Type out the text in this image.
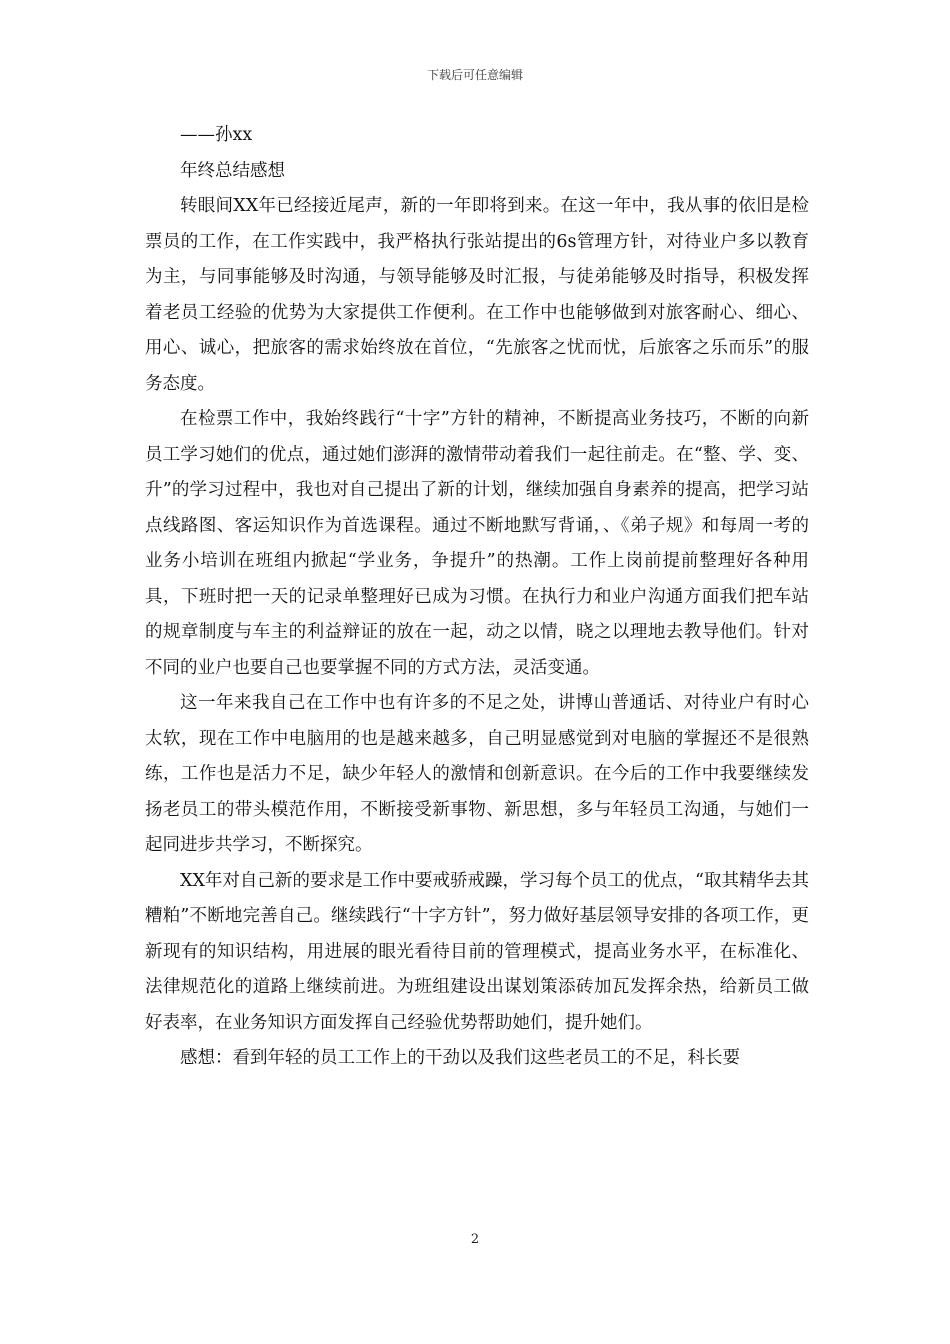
下载后可任意编辑

——孙xx

年终总结感想

转眼间XX年已经接近尾声，新的一年即将到来。在这一年中，我从事的依旧是检票员的工作，在工作实践中，我严格执行张站提出的6s管理方针，对待业户多以教育为主，与同事能够及时沟通，与领导能够及时汇报，与徒弟能够及时指导，积极发挥着老员工经验的优势为大家提供工作便利。在工作中也能够做到对旅客耐心、细心、用心、诚心，把旅客的需求始终放在首位，“先旅客之忧而忧，后旅客之乐而乐”的服务态度。

在检票工作中，我始终践行“十字”方针的精神，不断提高业务技巧，不断的向新员工学习她们的优点，通过她们澎湃的激情带动着我们一起往前走。在“整、学、变、升”的学习过程中，我也对自己提出了新的计划，继续加强自身素养的提高，把学习站点线路图、客运知识作为首选课程。通过不断地默写背诵，、《弟子规》和每周一考的业务小培训在班组内掀起“学业务，争提升”的热潮。工作上岗前提前整理好各种用具，下班时把一天的记录单整理好已成为习惯。在执行力和业户沟通方面我们把车站的规章制度与车主的利益辩证的放在一起，动之以情，晓之以理地去教导他们。针对不同的业户也要自己也要掌握不同的方式方法，灵活变通。

这一年来我自己在工作中也有许多的不足之处，讲博山普通话、对待业户有时心太软，现在工作中电脑用的也是越来越多，自己明显感觉到对电脑的掌握还不是很熟练，工作也是活力不足，缺少年轻人的激情和创新意识。在今后的工作中我要继续发扬老员工的带头模范作用，不断接受新事物、新思想，多与年轻员工沟通，与她们一起同进步共学习，不断探究。

XX年对自己新的要求是工作中要戒骄戒躁，学习每个员工的优点，“取其精华去其糟粕”不断地完善自己。继续践行“十字方针”，努力做好基层领导安排的各项工作，更新现有的知识结构，用进展的眼光看待目前的管理模式，提高业务水平，在标准化、法律规范化的道路上继续前进。为班组建设出谋划策添砖加瓦发挥余热，给新员工做好表率，在业务知识方面发挥自己经验优势帮助她们，提升她们。

感想：看到年轻的员工工作上的干劲以及我们这些老员工的不足，科长要

2
